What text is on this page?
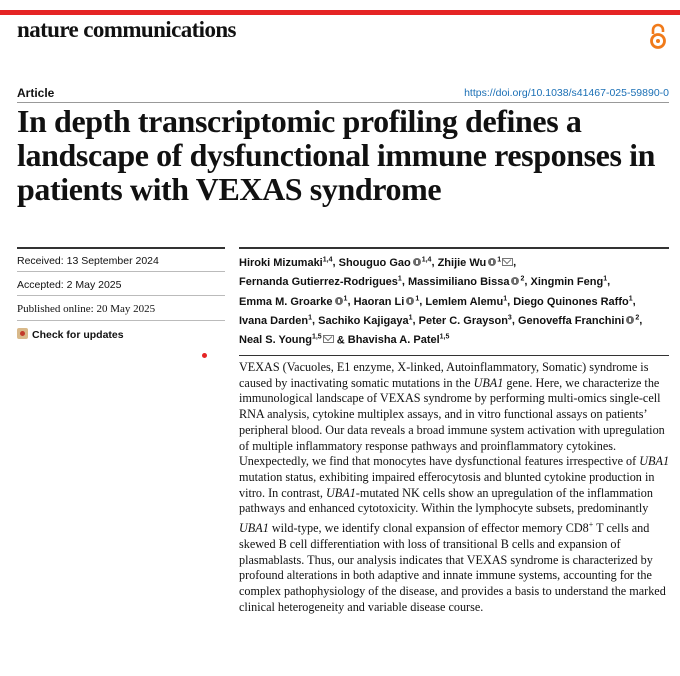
nature communications
Article	https://doi.org/10.1038/s41467-025-59890-0
In depth transcriptomic profiling defines a landscape of dysfunctional immune responses in patients with VEXAS syndrome
Received: 13 September 2024
Accepted: 2 May 2025
Published online: 20 May 2025
Check for updates

Hiroki Mizumaki$^{1,4}$, Shouguo Gao $^{1,4}$, Zhijie Wu $^1$ , Fernanda Gutierrez-Rodrigues$^1$, Massimiliano Bissa $^2$, Xingmin Feng$^1$, Emma M. Groarke $^1$, Haoran Li $^1$, Lemlem Alemu$^1$, Diego Quinones Raffo$^1$, Ivana Darden$^1$, Sachiko Kajigaya$^1$, Peter C. Grayson$^3$, Genoveffa Franchini $^2$, Neal S. Young$^{1,5}$ & Bhavisha A. Patel$^{1,5}$

VEXAS (Vacuoles, E1 enzyme, X-linked, Autoinflammatory, Somatic) syndrome is caused by inactivating somatic mutations in the UBA1 gene. Here, we characterize the immunological landscape of VEXAS syndrome by performing multi-omics single-cell RNA analysis, cytokine multiplex assays, and in vitro functional assays on patients’ peripheral blood. Our data reveals a broad immune system activation with upregulation of multiple inflammatory response pathways and proinflammatory cytokines. Unexpectedly, we find that monocytes have dysfunctional features irrespective of UBA1 mutation status, exhibiting impaired efferocytosis and blunted cytokine production in vitro. In contrast, UBA1-mutated NK cells show an upregulation of the inflammation pathways and enhanced cytotoxicity. Within the lymphocyte subsets, predominantly UBA1 wild-type, we identify clonal expansion of effector memory CD8+ T cells and skewed B cell differentiation with loss of transitional B cells and expansion of plasmablasts. Thus, our analysis indicates that VEXAS syndrome is characterized by profound alterations in both adaptive and innate immune systems, accounting for the complex pathophysiology of the disease, and provides a basis to understand the marked clinical heterogeneity and variable disease course.
